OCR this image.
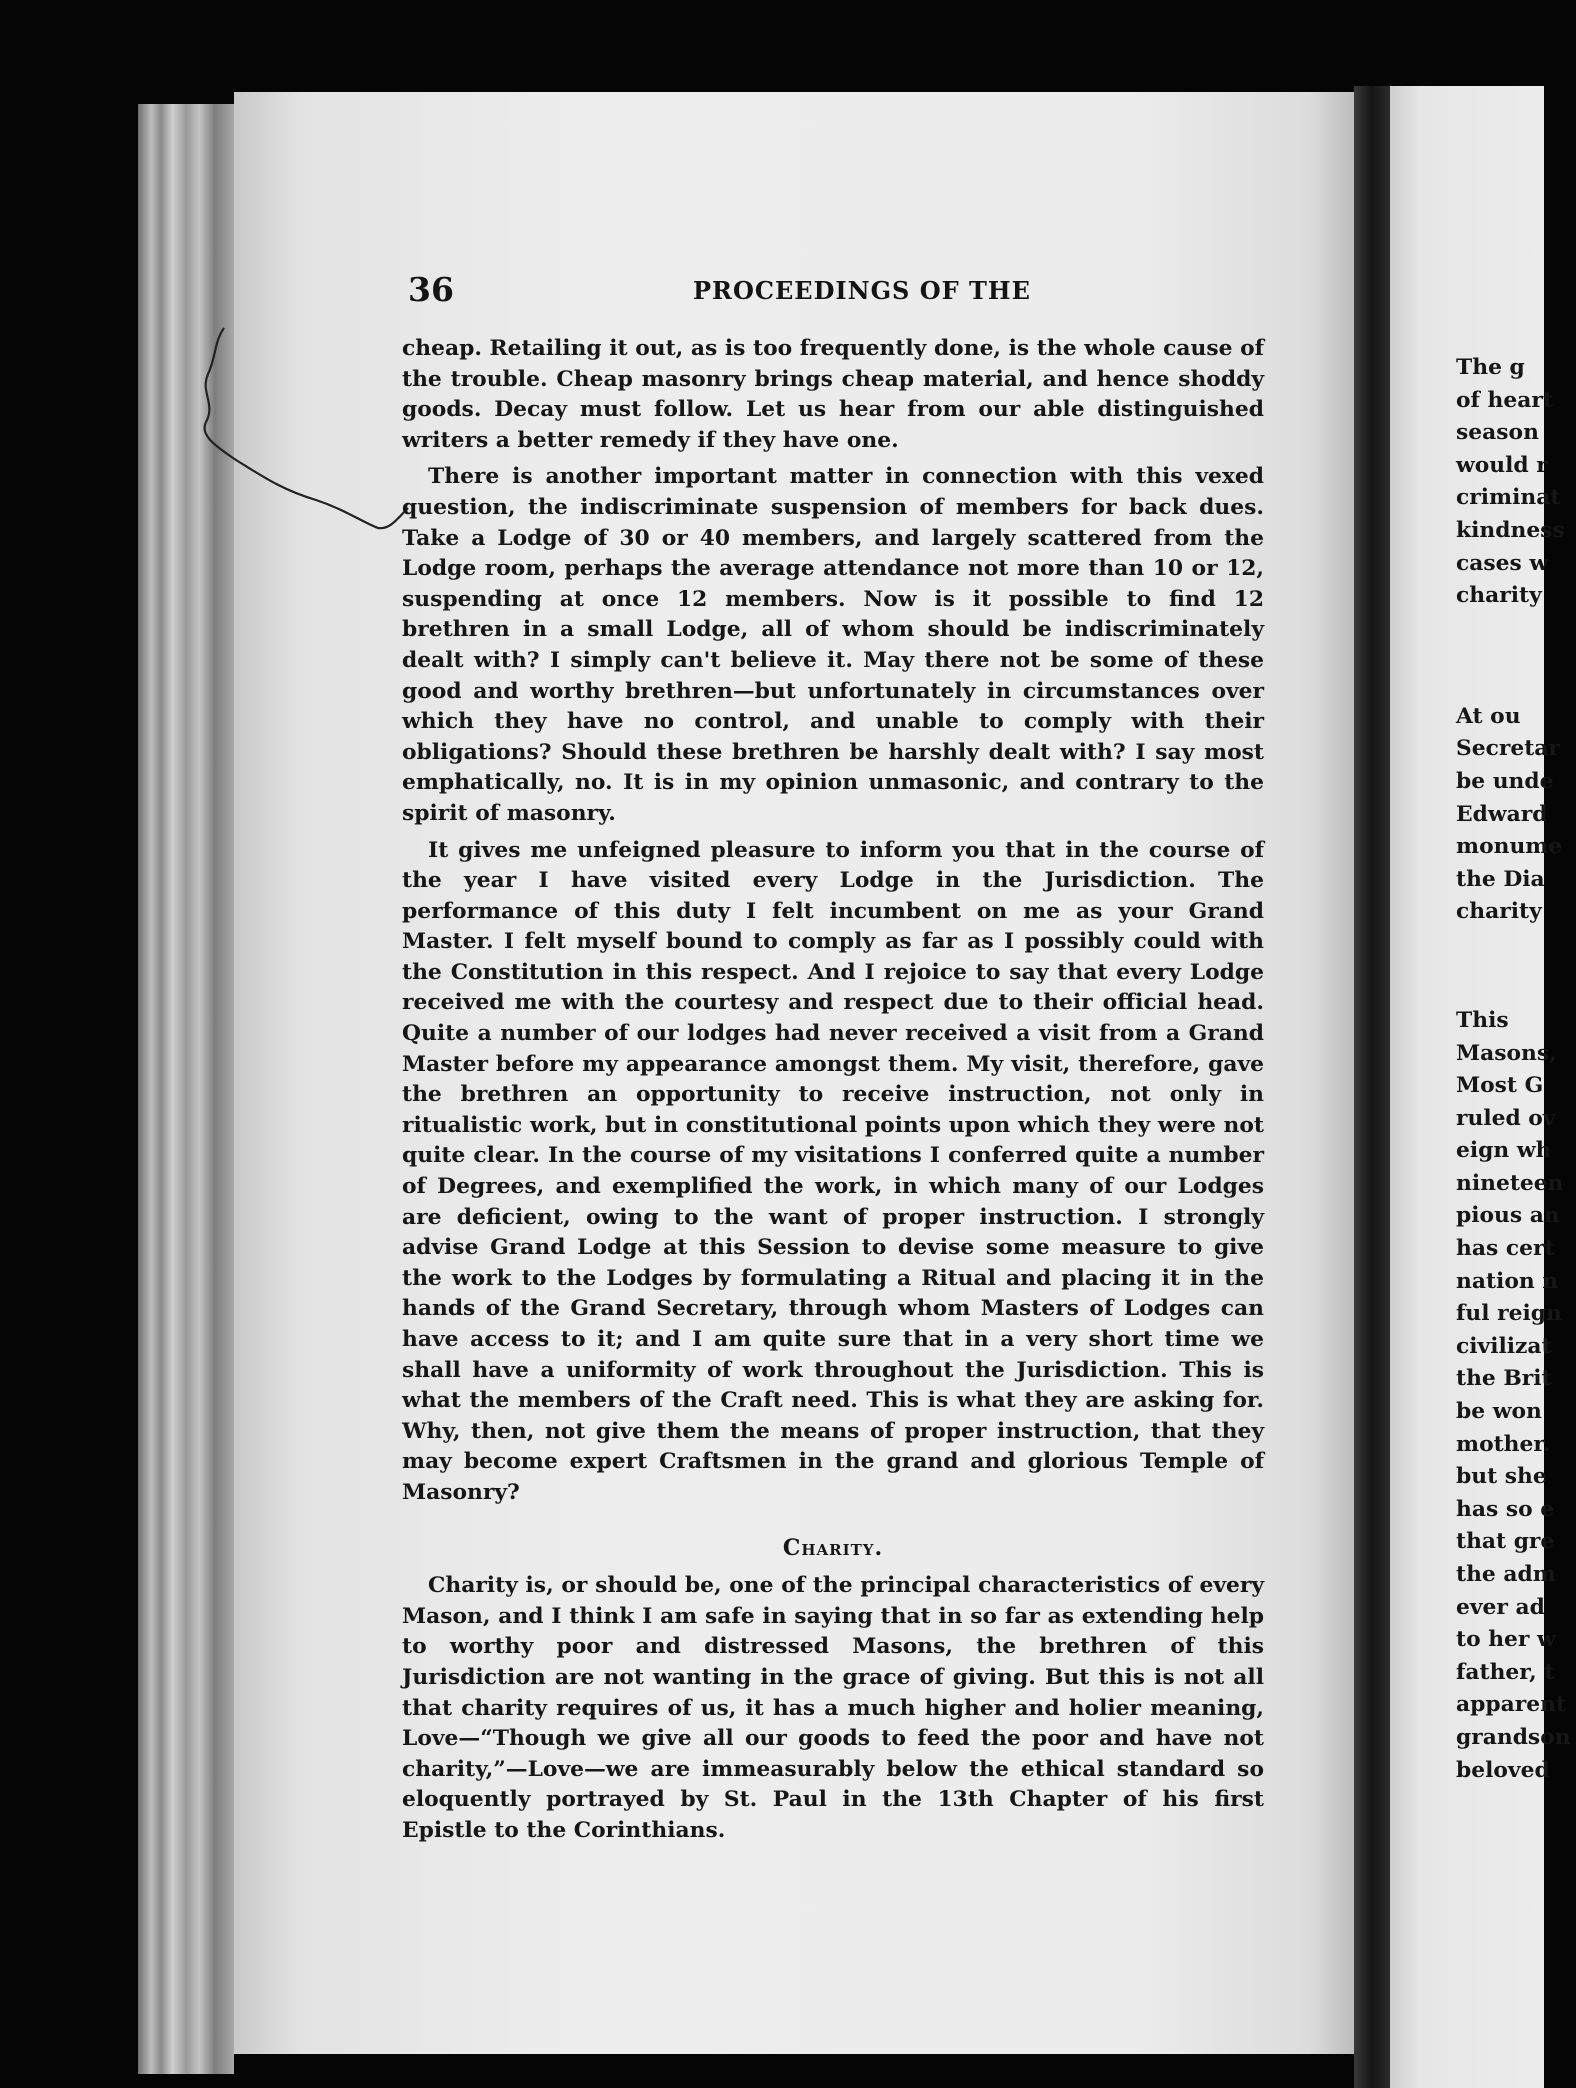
36	PROCEEDINGS OF THE

cheap. Retailing it out, as is too frequently done, is the whole cause of the trouble. Cheap masonry brings cheap material, and hence shoddy goods. Decay must follow. Let us hear from our able distinguished writers a better remedy if they have one.

There is another important matter in connection with this vexed question, the indiscriminate suspension of members for back dues. Take a Lodge of 30 or 40 members, and largely scattered from the Lodge room, perhaps the average attendance not more than 10 or 12, suspending at once 12 members. Now is it possible to find 12 brethren in a small Lodge, all of whom should be indiscriminately dealt with? I simply can't believe it. May there not be some of these good and worthy brethren—but unfortunately in circumstances over which they have no control, and unable to comply with their obligations? Should these brethren be harshly dealt with? I say most emphatically, no. It is in my opinion unmasonic, and contrary to the spirit of masonry.

It gives me unfeigned pleasure to inform you that in the course of the year I have visited every Lodge in the Jurisdiction. The performance of this duty I felt incumbent on me as your Grand Master. I felt myself bound to comply as far as I possibly could with the Constitution in this respect. And I rejoice to say that every Lodge received me with the courtesy and respect due to their official head. Quite a number of our lodges had never received a visit from a Grand Master before my appearance amongst them. My visit, therefore, gave the brethren an opportunity to receive instruction, not only in ritualistic work, but in constitutional points upon which they were not quite clear. In the course of my visitations I conferred quite a number of Degrees, and exemplified the work, in which many of our Lodges are deficient, owing to the want of proper instruction. I strongly advise Grand Lodge at this Session to devise some measure to give the work to the Lodges by formulating a Ritual and placing it in the hands of the Grand Secretary, through whom Masters of Lodges can have access to it; and I am quite sure that in a very short time we shall have a uniformity of work throughout the Jurisdiction. This is what the members of the Craft need. This is what they are asking for. Why, then, not give them the means of proper instruction, that they may become expert Craftsmen in the grand and glorious Temple of Masonry?

Charity.

Charity is, or should be, one of the principal characteristics of every Mason, and I think I am safe in saying that in so far as extending help to worthy poor and distressed Masons, the brethren of this Jurisdiction are not wanting in the grace of giving. But this is not all that charity requires of us, it has a much higher and holier meaning, Love—“Though we give all our goods to feed the poor and have not charity,”—Love—we are immeasurably below the ethical standard so eloquently portrayed by St. Paul in the 13th Chapter of his first Epistle to the Corinthians.

The g
of heart
season
would r
criminat
kindness
cases w
charity
At ou
Secretar
be unde
Edward
monume
the Dia
charity
This
Masons,
Most G
ruled ov
eign wh
nineteen
pious an
has cert
nation n
ful reign
civilizat
the Brit
be won
mother.
but she
has so e
that gre
the adm
ever ad
to her w
father, t
apparent
grandson
beloved
